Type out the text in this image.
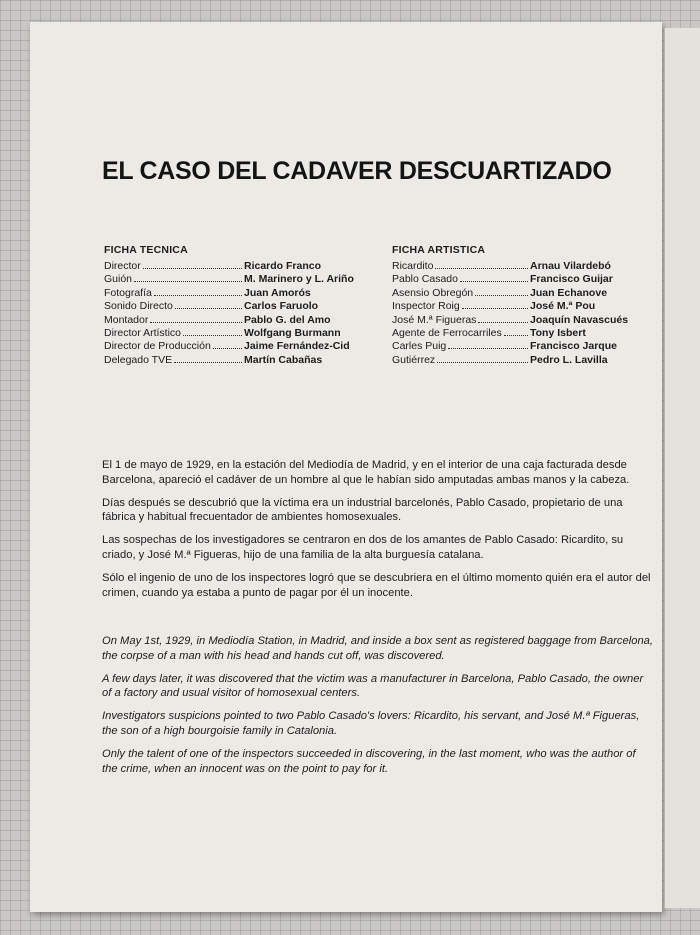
EL CASO DEL CADAVER DESCUARTIZADO
FICHA TECNICA
Director	Ricardo Franco
Guión	M. Marinero y L. Ariño
Fotografía	Juan Amorós
Sonido Directo	Carlos Faruolo
Montador	Pablo G. del Amo
Director Artístico	Wolfgang Burmann
Director de Producción	Jaime Fernández-Cid
Delegado TVE	Martín Cabañas
FICHA ARTISTICA
Ricardito	Arnau Vilardebó
Pablo Casado	Francisco Guijar
Asensio Obregón	Juan Echanove
Inspector Roig	José M.ª Pou
José M.ª Figueras	Joaquín Navascués
Agente de Ferrocarriles	Tony Isbert
Carles Puig	Francisco Jarque
Gutiérrez	Pedro L. Lavilla

El 1 de mayo de 1929, en la estación del Mediodía de Madrid, y en el interior de una caja facturada desde Barcelona, apareció el cadáver de un hombre al que le habían sido amputadas ambas manos y la cabeza.

Días después se descubrió que la víctima era un industrial barcelonés, Pablo Casado, propietario de una fábrica y habitual frecuentador de ambientes homosexuales.

Las sospechas de los investigadores se centraron en dos de los amantes de Pablo Casado: Ricardito, su criado, y José M.ª Figueras, hijo de una familia de la alta burguesía catalana.

Sólo el ingenio de uno de los inspectores logró que se descubriera en el último momento quién era el autor del crimen, cuando ya estaba a punto de pagar por él un inocente.

On May 1st, 1929, in Mediodía Station, in Madrid, and inside a box sent as registered baggage from Barcelona, the corpse of a man with his head and hands cut off, was discovered.

A few days later, it was discovered that the victim was a manufacturer in Barcelona, Pablo Casado, the owner of a factory and usual visitor of homosexual centers.

Investigators suspicions pointed to two Pablo Casado's lovers: Ricardito, his servant, and José M.ª Figueras, the son of a high bourgoisie family in Catalonia.

Only the talent of one of the inspectors succeeded in discovering, in the last moment, who was the author of the crime, when an innocent was on the point to pay for it.
